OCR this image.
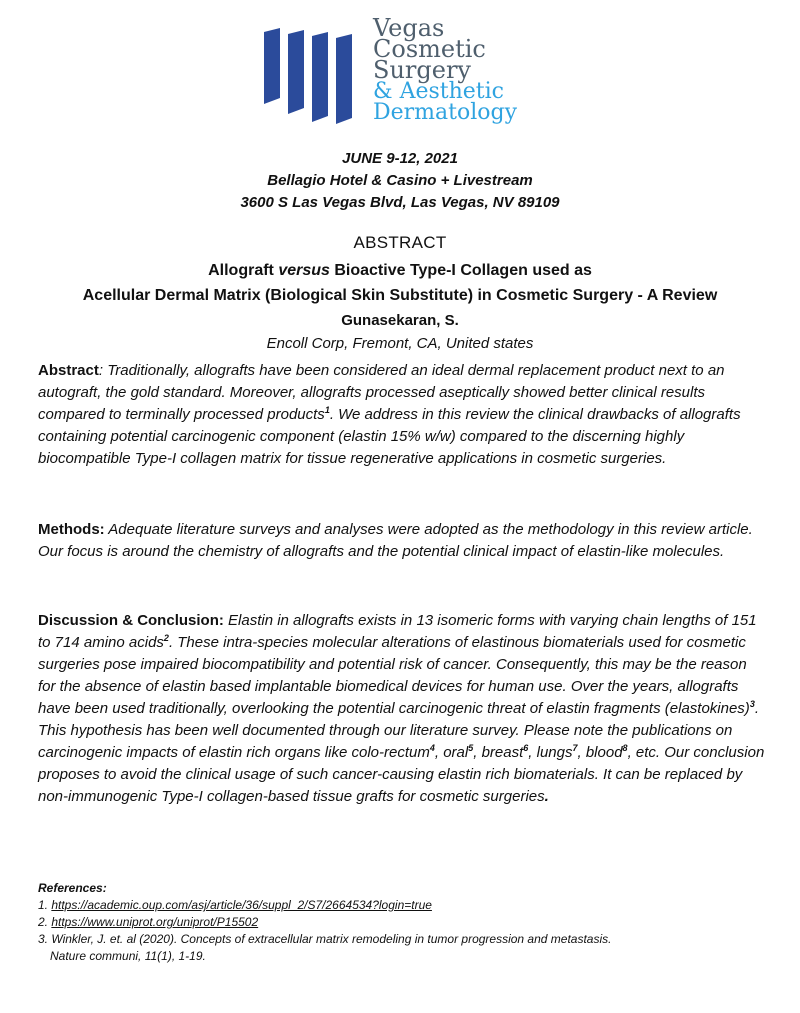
Vegas
Cosmetic
Surgery
& Aesthetic
Dermatology
JUNE 9-12, 2021
Bellagio Hotel & Casino + Livestream
3600 S Las Vegas Blvd, Las Vegas, NV 89109
ABSTRACT
Allograft versus Bioactive Type-I Collagen used as
Acellular Dermal Matrix (Biological Skin Substitute) in Cosmetic Surgery - A Review
Gunasekaran, S.
Encoll Corp, Fremont, CA, United states
Abstract: Traditionally, allografts have been considered an ideal dermal replacement product next to an autograft, the gold standard. Moreover, allografts processed aseptically showed better clinical results compared to terminally processed products$^1$. We address in this review the clinical drawbacks of allografts containing potential carcinogenic component (elastin 15% w/w) compared to the discerning highly biocompatible Type-I collagen matrix for tissue regenerative applications in cosmetic surgeries.
Methods: Adequate literature surveys and analyses were adopted as the methodology in this review article. Our focus is around the chemistry of allografts and the potential clinical impact of elastin-like molecules.
Discussion & Conclusion: Elastin in allografts exists in 13 isomeric forms with varying chain lengths of 151 to 714 amino acids$^2$. These intra-species molecular alterations of elastinous biomaterials used for cosmetic surgeries pose impaired biocompatibility and potential risk of cancer. Consequently, this may be the reason for the absence of elastin based implantable biomedical devices for human use. Over the years, allografts have been used traditionally, overlooking the potential carcinogenic threat of elastin fragments (elastokines)$^3$. This hypothesis has been well documented through our literature survey. Please note the publications on carcinogenic impacts of elastin rich organs like colo-rectum$^4$, oral$^5$, breast$^6$, lungs$^7$, blood$^8$, etc. Our conclusion proposes to avoid the clinical usage of such cancer-causing elastin rich biomaterials. It can be replaced by non-immunogenic Type-I collagen-based tissue grafts for cosmetic surgeries.
References:
1. https://academic.oup.com/asj/article/36/suppl_2/S7/2664534?login=true
2. https://www.uniprot.org/uniprot/P15502
3. Winkler, J. et. al (2020). Concepts of extracellular matrix remodeling in tumor progression and metastasis.
Nature communi, 11(1), 1-19.
